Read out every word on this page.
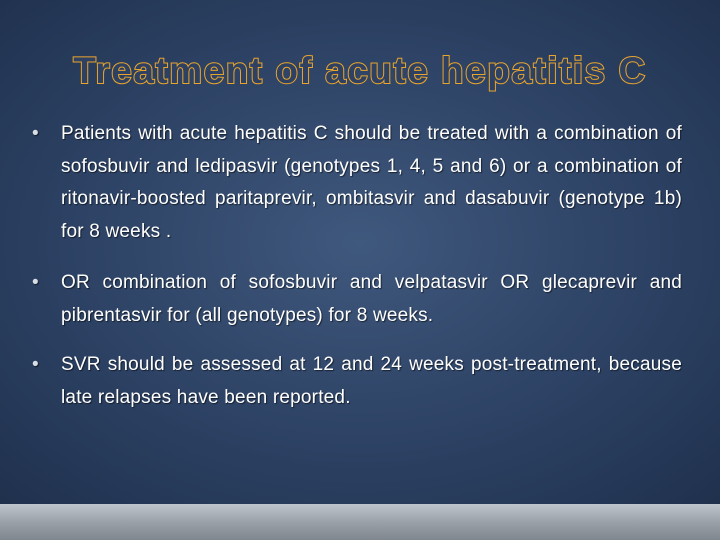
Treatment of acute hepatitis C
• Patients with acute hepatitis C should be treated with a combination of sofosbuvir and ledipasvir (genotypes 1, 4, 5 and 6) or a combination of ritonavir-boosted paritaprevir, ombitasvir and dasabuvir (genotype 1b) for 8 weeks .
• OR combination of sofosbuvir and velpatasvir OR glecaprevir and pibrentasvir for (all genotypes) for 8 weeks.
• SVR should be assessed at 12 and 24 weeks post-treatment, because late relapses have been reported.
